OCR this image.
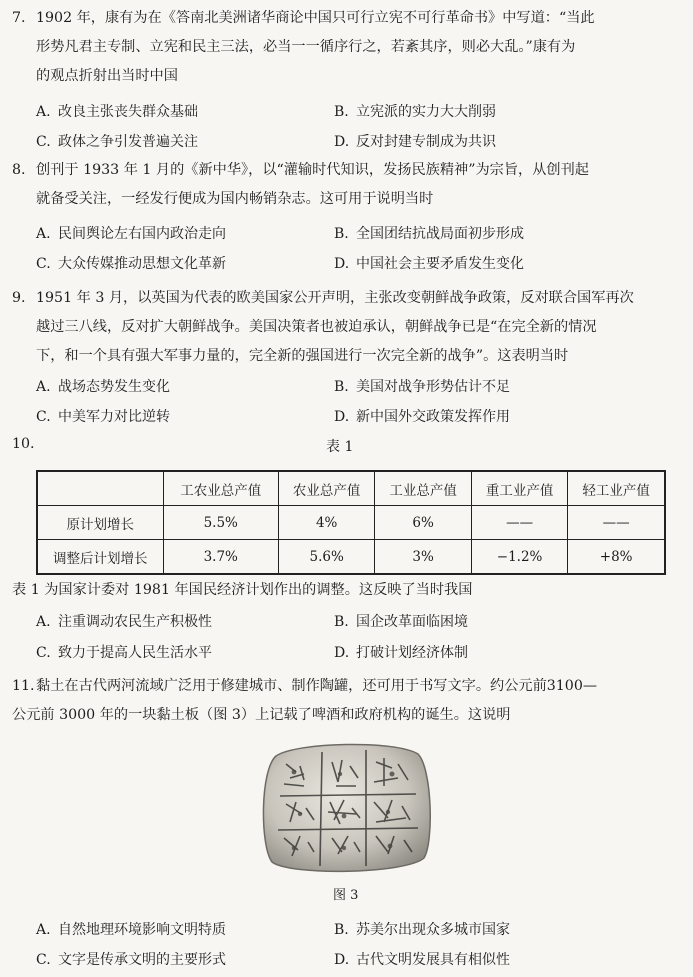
7. 1902 年，康有为在《答南北美洲诸华商论中国只可行立宪不可行革命书》中写道：“当此
形势凡君主专制、立宪和民主三法，必当一一循序行之，若紊其序，则必大乱。”康有为
的观点折射出当时中国
A. 改良主张丧失群众基础	B. 立宪派的实力大大削弱
C. 政体之争引发普遍关注	D. 反对封建专制成为共识
8. 创刊于 1933 年 1 月的《新中华》，以“灌输时代知识，发扬民族精神”为宗旨，从创刊起
就备受关注，一经发行便成为国内畅销杂志。这可用于说明当时
A. 民间舆论左右国内政治走向	B. 全国团结抗战局面初步形成
C. 大众传媒推动思想文化革新	D. 中国社会主要矛盾发生变化
9. 1951 年 3 月，以英国为代表的欧美国家公开声明，主张改变朝鲜战争政策，反对联合国军再次
越过三八线，反对扩大朝鲜战争。美国决策者也被迫承认，朝鲜战争已是“在完全新的情况
下，和一个具有强大军事力量的，完全新的强国进行一次完全新的战争”。这表明当时
A. 战场态势发生变化	B. 美国对战争形势估计不足
C. 中美军力对比逆转	D. 新中国外交政策发挥作用
10.	表 1
	工农业总产值	农业总产值	工业总产值	重工业产值	轻工业产值
原计划增长	5.5%	4%	6%	——	——
调整后计划增长	3.7%	5.6%	3%	−1.2%	+8%
表 1 为国家计委对 1981 年国民经济计划作出的调整。这反映了当时我国
A. 注重调动农民生产积极性	B. 国企改革面临困境
C. 致力于提高人民生活水平	D. 打破计划经济体制
11.黏土在古代两河流域广泛用于修建城市、制作陶罐，还可用于书写文字。约公元前3100—
公元前 3000 年的一块黏土板（图 3）上记载了啤酒和政府机构的诞生。这说明
图 3
A. 自然地理环境影响文明特质	B. 苏美尔出现众多城市国家
C. 文字是传承文明的主要形式	D. 古代文明发展具有相似性
